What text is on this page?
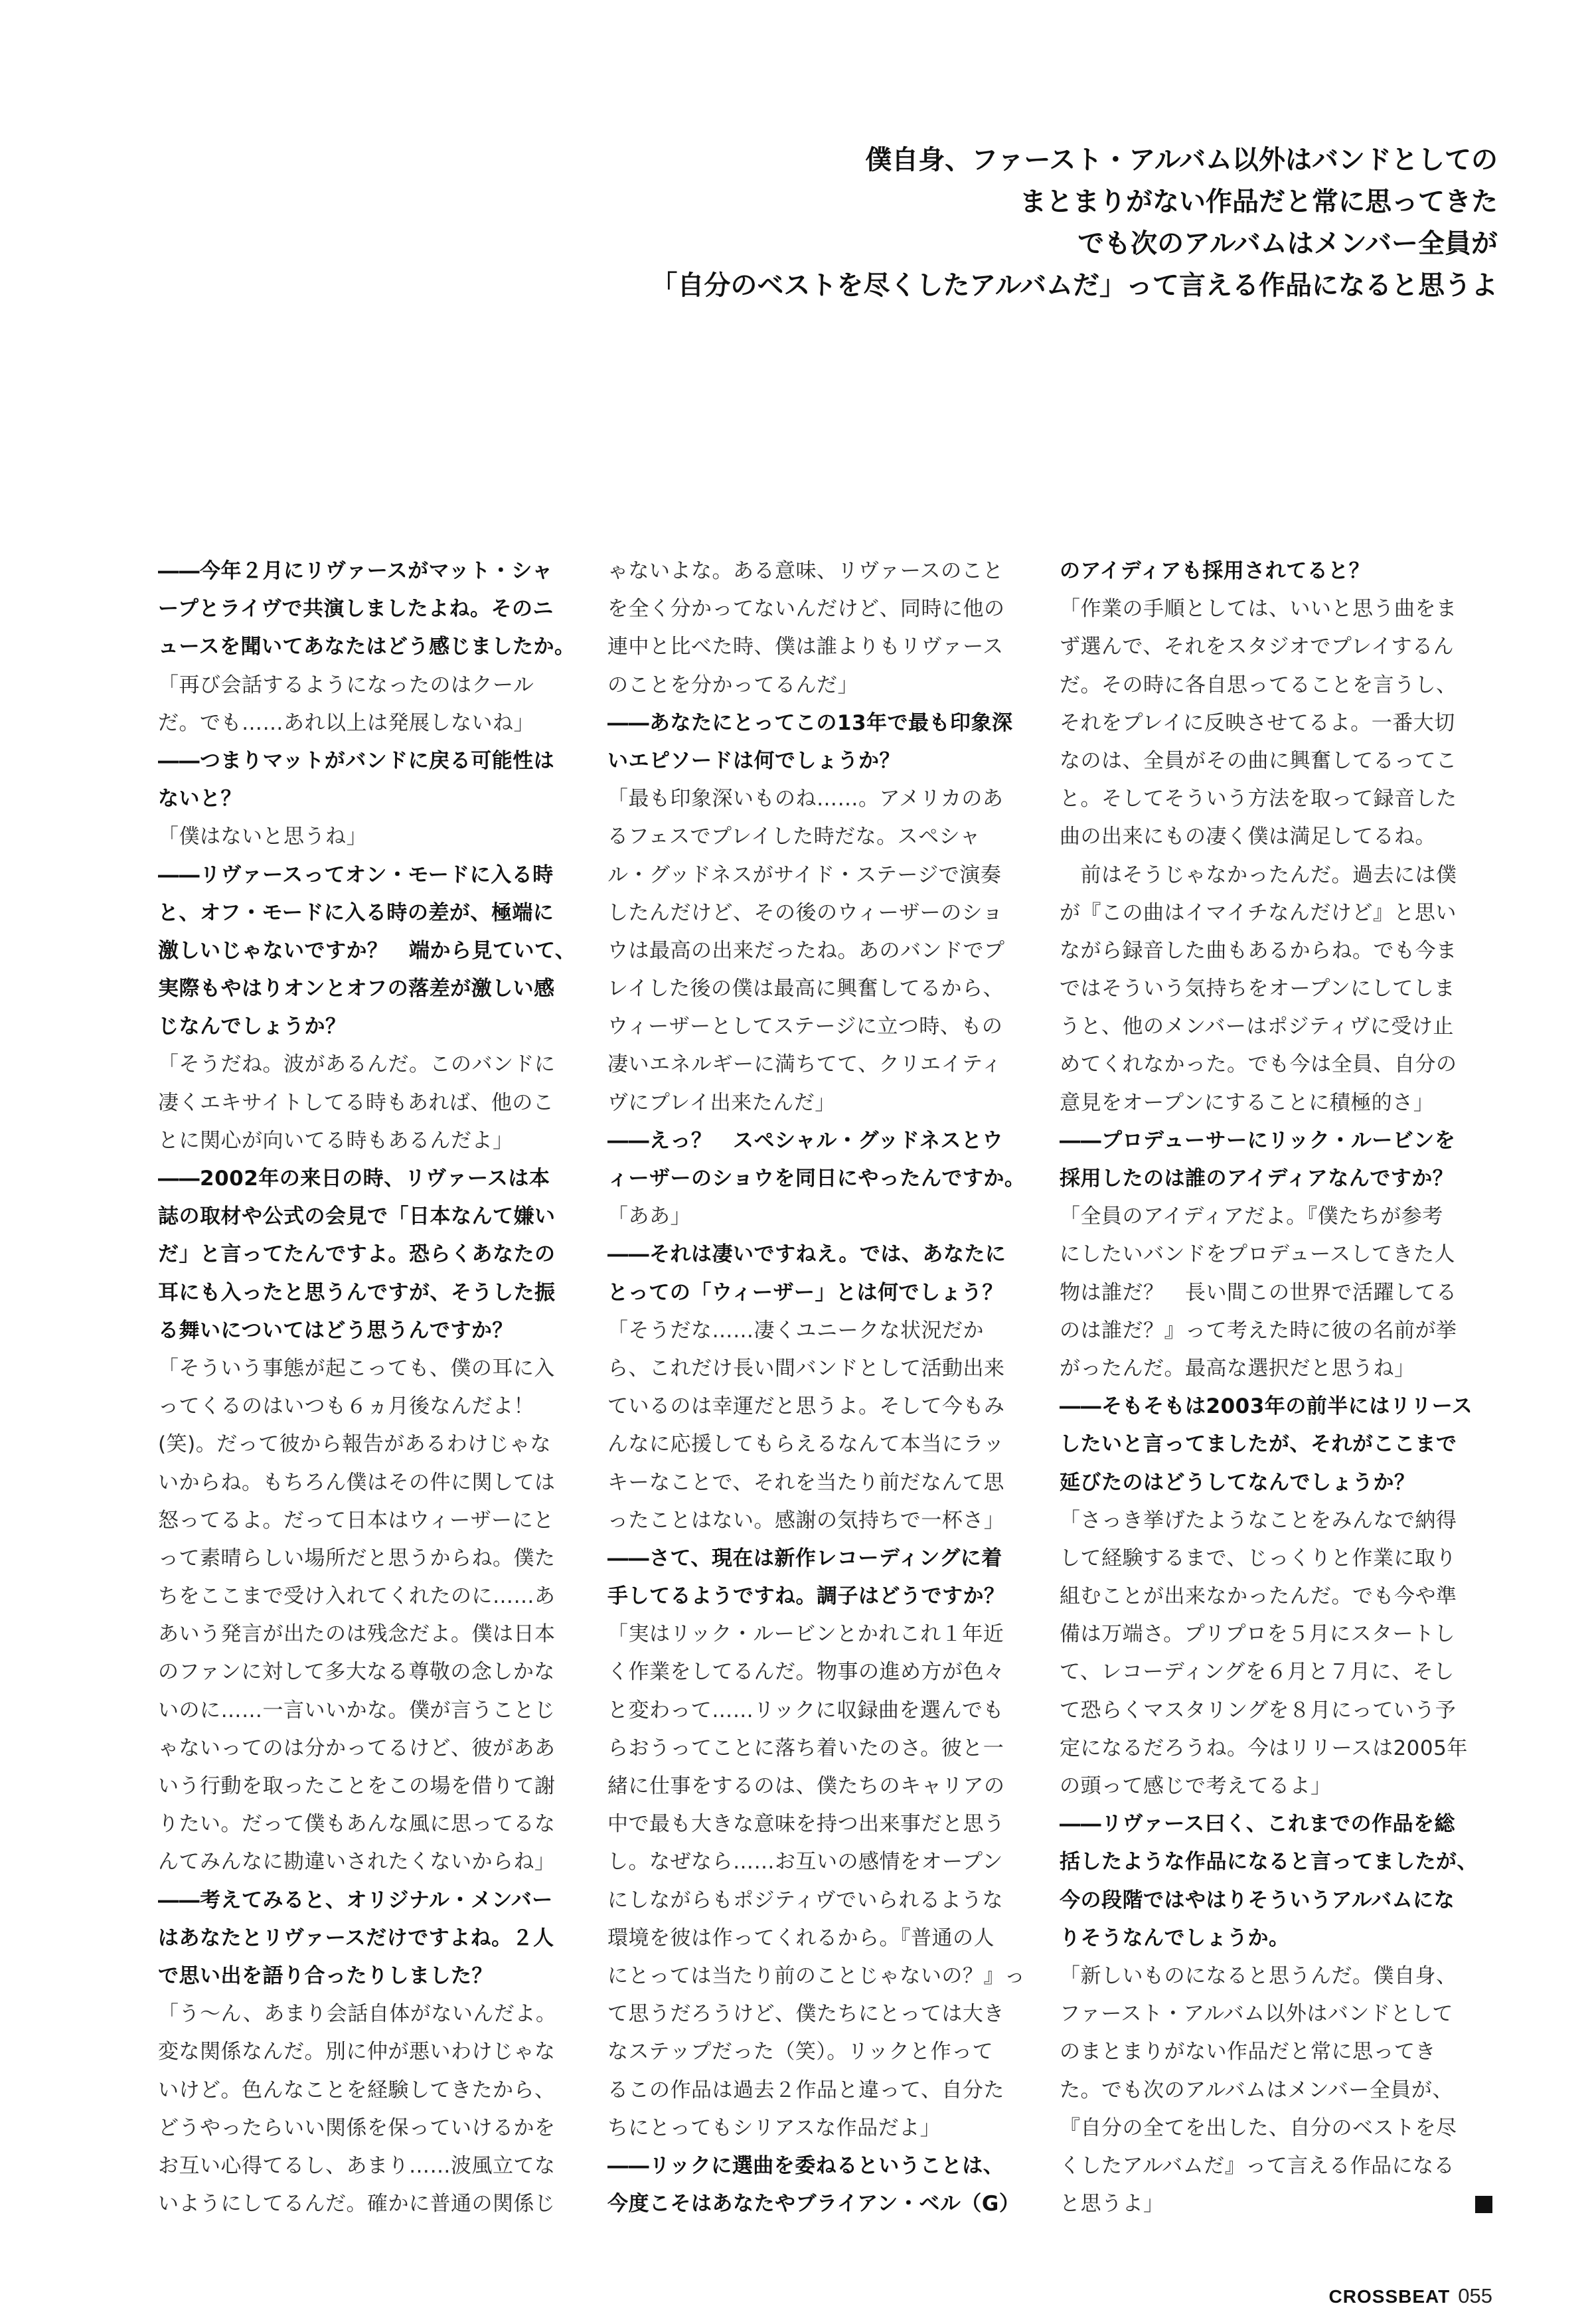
僕自身、ファースト・アルバム以外はバンドとしての
まとまりがない作品だと常に思ってきた
でも次のアルバムはメンバー全員が
「自分のベストを尽くしたアルバムだ」って言える作品になると思うよ
――今年２月にリヴァースがマット・シャ
ープとライヴで共演しましたよね。そのニ
ュースを聞いてあなたはどう感じましたか。
「再び会話するようになったのはクール
だ。でも……あれ以上は発展しないね」
――つまりマットがバンドに戻る可能性は
ないと？
「僕はないと思うね」
――リヴァースってオン・モードに入る時
と、オフ・モードに入る時の差が、極端に
激しいじゃないですか？　端から見ていて、
実際もやはりオンとオフの落差が激しい感
じなんでしょうか？
「そうだね。波があるんだ。このバンドに
凄くエキサイトしてる時もあれば、他のこ
とに関心が向いてる時もあるんだよ」
――2002年の来日の時、リヴァースは本
誌の取材や公式の会見で「日本なんて嫌い
だ」と言ってたんですよ。恐らくあなたの
耳にも入ったと思うんですが、そうした振
る舞いについてはどう思うんですか？
「そういう事態が起こっても、僕の耳に入
ってくるのはいつも６ヵ月後なんだよ！
(笑)。だって彼から報告があるわけじゃな
いからね。もちろん僕はその件に関しては
怒ってるよ。だって日本はウィーザーにと
って素晴らしい場所だと思うからね。僕た
ちをここまで受け入れてくれたのに……あ
あいう発言が出たのは残念だよ。僕は日本
のファンに対して多大なる尊敬の念しかな
いのに……一言いいかな。僕が言うことじ
ゃないってのは分かってるけど、彼がああ
いう行動を取ったことをこの場を借りて謝
りたい。だって僕もあんな風に思ってるな
んてみんなに勘違いされたくないからね」
――考えてみると、オリジナル・メンバー
はあなたとリヴァースだけですよね。２人
で思い出を語り合ったりしました？
「う〜ん、あまり会話自体がないんだよ。
変な関係なんだ。別に仲が悪いわけじゃな
いけど。色んなことを経験してきたから、
どうやったらいい関係を保っていけるかを
お互い心得てるし、あまり……波風立てな
いようにしてるんだ。確かに普通の関係じ
ゃないよな。ある意味、リヴァースのこと
を全く分かってないんだけど、同時に他の
連中と比べた時、僕は誰よりもリヴァース
のことを分かってるんだ」
――あなたにとってこの13年で最も印象深
いエピソードは何でしょうか？
「最も印象深いものね……。アメリカのあ
るフェスでプレイした時だな。スペシャ
ル・グッドネスがサイド・ステージで演奏
したんだけど、その後のウィーザーのショ
ウは最高の出来だったね。あのバンドでプ
レイした後の僕は最高に興奮してるから、
ウィーザーとしてステージに立つ時、もの
凄いエネルギーに満ちてて、クリエイティ
ヴにプレイ出来たんだ」
――えっ？　スペシャル・グッドネスとウ
ィーザーのショウを同日にやったんですか。
「ああ」
――それは凄いですねえ。では、あなたに
とっての「ウィーザー」とは何でしょう？
「そうだな……凄くユニークな状況だか
ら、これだけ長い間バンドとして活動出来
ているのは幸運だと思うよ。そして今もみ
んなに応援してもらえるなんて本当にラッ
キーなことで、それを当たり前だなんて思
ったことはない。感謝の気持ちで一杯さ」
――さて、現在は新作レコーディングに着
手してるようですね。調子はどうですか？
「実はリック・ルービンとかれこれ１年近
く作業をしてるんだ。物事の進め方が色々
と変わって……リックに収録曲を選んでも
らおうってことに落ち着いたのさ。彼と一
緒に仕事をするのは、僕たちのキャリアの
中で最も大きな意味を持つ出来事だと思う
し。なぜなら……お互いの感情をオープン
にしながらもポジティヴでいられるような
環境を彼は作ってくれるから。『普通の人
にとっては当たり前のことじゃないの？』っ
て思うだろうけど、僕たちにとっては大き
なステップだった（笑）。リックと作って
るこの作品は過去２作品と違って、自分た
ちにとってもシリアスな作品だよ」
――リックに選曲を委ねるということは、
今度こそはあなたやブライアン・ベル（G）
のアイディアも採用されてると？
「作業の手順としては、いいと思う曲をま
ず選んで、それをスタジオでプレイするん
だ。その時に各自思ってることを言うし、
それをプレイに反映させてるよ。一番大切
なのは、全員がその曲に興奮してるってこ
と。そしてそういう方法を取って録音した
曲の出来にもの凄く僕は満足してるね。
　前はそうじゃなかったんだ。過去には僕
が『この曲はイマイチなんだけど』と思い
ながら録音した曲もあるからね。でも今ま
ではそういう気持ちをオープンにしてしま
うと、他のメンバーはポジティヴに受け止
めてくれなかった。でも今は全員、自分の
意見をオープンにすることに積極的さ」
――プロデューサーにリック・ルービンを
採用したのは誰のアイディアなんですか？
「全員のアイディアだよ。『僕たちが参考
にしたいバンドをプロデュースしてきた人
物は誰だ？　長い間この世界で活躍してる
のは誰だ？』って考えた時に彼の名前が挙
がったんだ。最高な選択だと思うね」
――そもそもは2003年の前半にはリリース
したいと言ってましたが、それがここまで
延びたのはどうしてなんでしょうか？
「さっき挙げたようなことをみんなで納得
して経験するまで、じっくりと作業に取り
組むことが出来なかったんだ。でも今や準
備は万端さ。プリプロを５月にスタートし
て、レコーディングを６月と７月に、そし
て恐らくマスタリングを８月にっていう予
定になるだろうね。今はリリースは2005年
の頭って感じで考えてるよ」
――リヴァース曰く、これまでの作品を総
括したような作品になると言ってましたが、
今の段階ではやはりそういうアルバムにな
りそうなんでしょうか。
「新しいものになると思うんだ。僕自身、
ファースト・アルバム以外はバンドとして
のまとまりがない作品だと常に思ってき
た。でも次のアルバムはメンバー全員が、
『自分の全てを出した、自分のベストを尽
くしたアルバムだ』って言える作品になる
と思うよ」
CROSSBEAT 055
